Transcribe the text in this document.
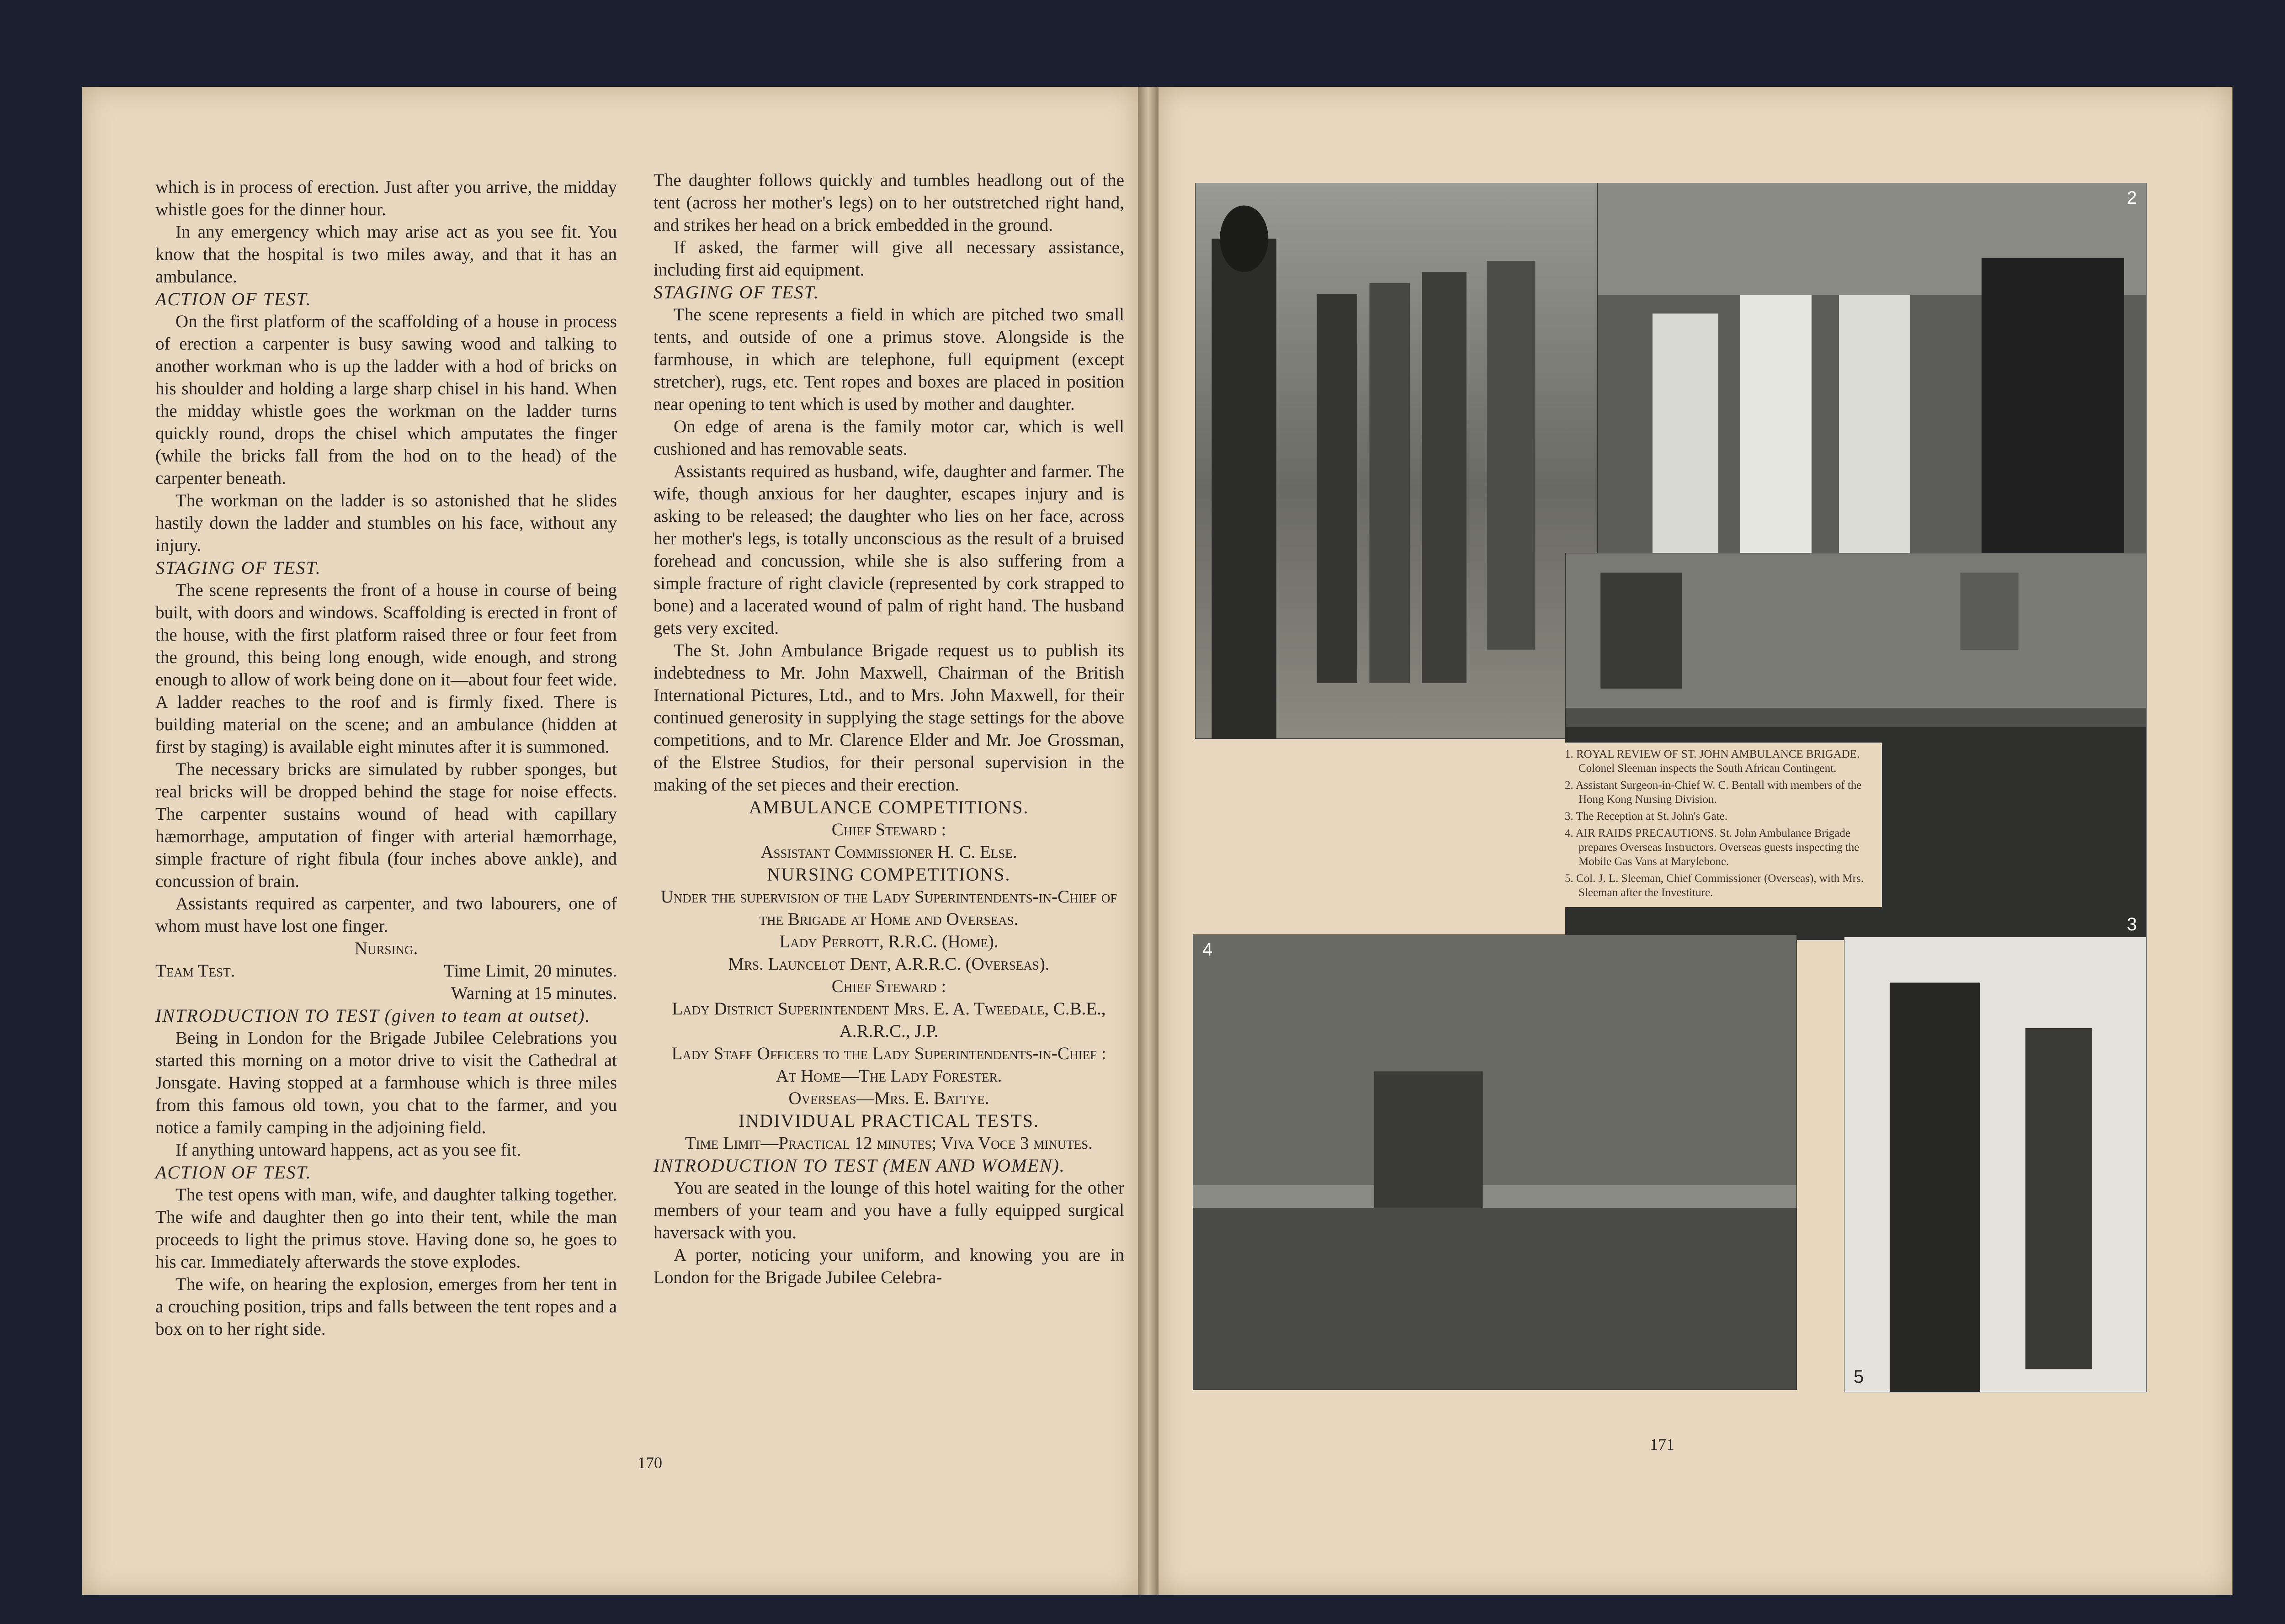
which is in process of erection. Just after you arrive, the midday whistle goes for the dinner hour.

In any emergency which may arise act as you see fit. You know that the hospital is two miles away, and that it has an ambulance.

ACTION OF TEST.

On the first platform of the scaffolding of a house in process of erection a carpenter is busy sawing wood and talking to another workman who is up the ladder with a hod of bricks on his shoulder and holding a large sharp chisel in his hand. When the midday whistle goes the workman on the ladder turns quickly round, drops the chisel which amputates the finger (while the bricks fall from the hod on to the head) of the carpenter beneath.

The workman on the ladder is so astonished that he slides hastily down the ladder and stumbles on his face, without any injury.

STAGING OF TEST.

The scene represents the front of a house in course of being built, with doors and windows. Scaffolding is erected in front of the house, with the first platform raised three or four feet from the ground, this being long enough, wide enough, and strong enough to allow of work being done on it—about four feet wide. A ladder reaches to the roof and is firmly fixed. There is building material on the scene; and an ambulance (hidden at first by staging) is available eight minutes after it is summoned.

The necessary bricks are simulated by rubber sponges, but real bricks will be dropped behind the stage for noise effects. The carpenter sustains wound of head with capillary hæmorrhage, amputation of finger with arterial hæmorrhage, simple fracture of right fibula (four inches above ankle), and concussion of brain.

Assistants required as carpenter, and two labourers, one of whom must have lost one finger.

Nursing.

Team Test.	Time Limit, 20 minutes.
Warning at 15 minutes.
INTRODUCTION TO TEST (given to team at outset).

Being in London for the Brigade Jubilee Celebrations you started this morning on a motor drive to visit the Cathedral at Jonsgate. Having stopped at a farmhouse which is three miles from this famous old town, you chat to the farmer, and you notice a family camping in the adjoining field.

If anything untoward happens, act as you see fit.

ACTION OF TEST.

The test opens with man, wife, and daughter talking together. The wife and daughter then go into their tent, while the man proceeds to light the primus stove. Having done so, he goes to his car. Immediately afterwards the stove explodes.

The wife, on hearing the explosion, emerges from her tent in a crouching position, trips and falls between the tent ropes and a box on to her right side.

The daughter follows quickly and tumbles headlong out of the tent (across her mother's legs) on to her outstretched right hand, and strikes her head on a brick embedded in the ground.

If asked, the farmer will give all necessary assistance, including first aid equipment.

STAGING OF TEST.

The scene represents a field in which are pitched two small tents, and outside of one a primus stove. Alongside is the farmhouse, in which are telephone, full equipment (except stretcher), rugs, etc. Tent ropes and boxes are placed in position near opening to tent which is used by mother and daughter.

On edge of arena is the family motor car, which is well cushioned and has removable seats.

Assistants required as husband, wife, daughter and farmer. The wife, though anxious for her daughter, escapes injury and is asking to be released; the daughter who lies on her face, across her mother's legs, is totally unconscious as the result of a bruised forehead and concussion, while she is also suffering from a simple fracture of right clavicle (represented by cork strapped to bone) and a lacerated wound of palm of right hand. The husband gets very excited.

The St. John Ambulance Brigade request us to publish its indebtedness to Mr. John Maxwell, Chairman of the British International Pictures, Ltd., and to Mrs. John Maxwell, for their continued generosity in supplying the stage settings for the above competitions, and to Mr. Clarence Elder and Mr. Joe Grossman, of the Elstree Studios, for their personal supervision in the making of the set pieces and their erection.

AMBULANCE COMPETITIONS.

Chief Steward :

Assistant Commissioner H. C. Else.

NURSING COMPETITIONS.

Under the supervision of the Lady Superintendents-in-Chief of the Brigade at Home and Overseas.

Lady Perrott, R.R.C. (Home).

Mrs. Launcelot Dent, A.R.R.C. (Overseas).

Chief Steward :

Lady District Superintendent Mrs. E. A. Tweedale, C.B.E., A.R.R.C., J.P.

Lady Staff Officers to the Lady Superintendents-in-Chief :

At Home—The Lady Forester.

Overseas—Mrs. E. Battye.

INDIVIDUAL PRACTICAL TESTS.

Time Limit—Practical 12 minutes; Viva Voce 3 minutes.

INTRODUCTION TO TEST (MEN AND WOMEN).

You are seated in the lounge of this hotel waiting for the other members of your team and you have a fully equipped surgical haversack with you.

A porter, noticing your uniform, and knowing you are in London for the Brigade Jubilee Celebra-

170
2
3
4
5
1. ROYAL REVIEW OF ST. JOHN AMBULANCE BRIGADE. Colonel Sleeman inspects the South African Contingent.
2. Assistant Surgeon-in-Chief W. C. Bentall with members of the Hong Kong Nursing Division.
3. The Reception at St. John's Gate.
4. AIR RAIDS PRECAUTIONS. St. John Ambulance Brigade prepares Overseas Instructors. Overseas guests inspecting the Mobile Gas Vans at Marylebone.
5. Col. J. L. Sleeman, Chief Commissioner (Overseas), with Mrs. Sleeman after the Investiture.
171
